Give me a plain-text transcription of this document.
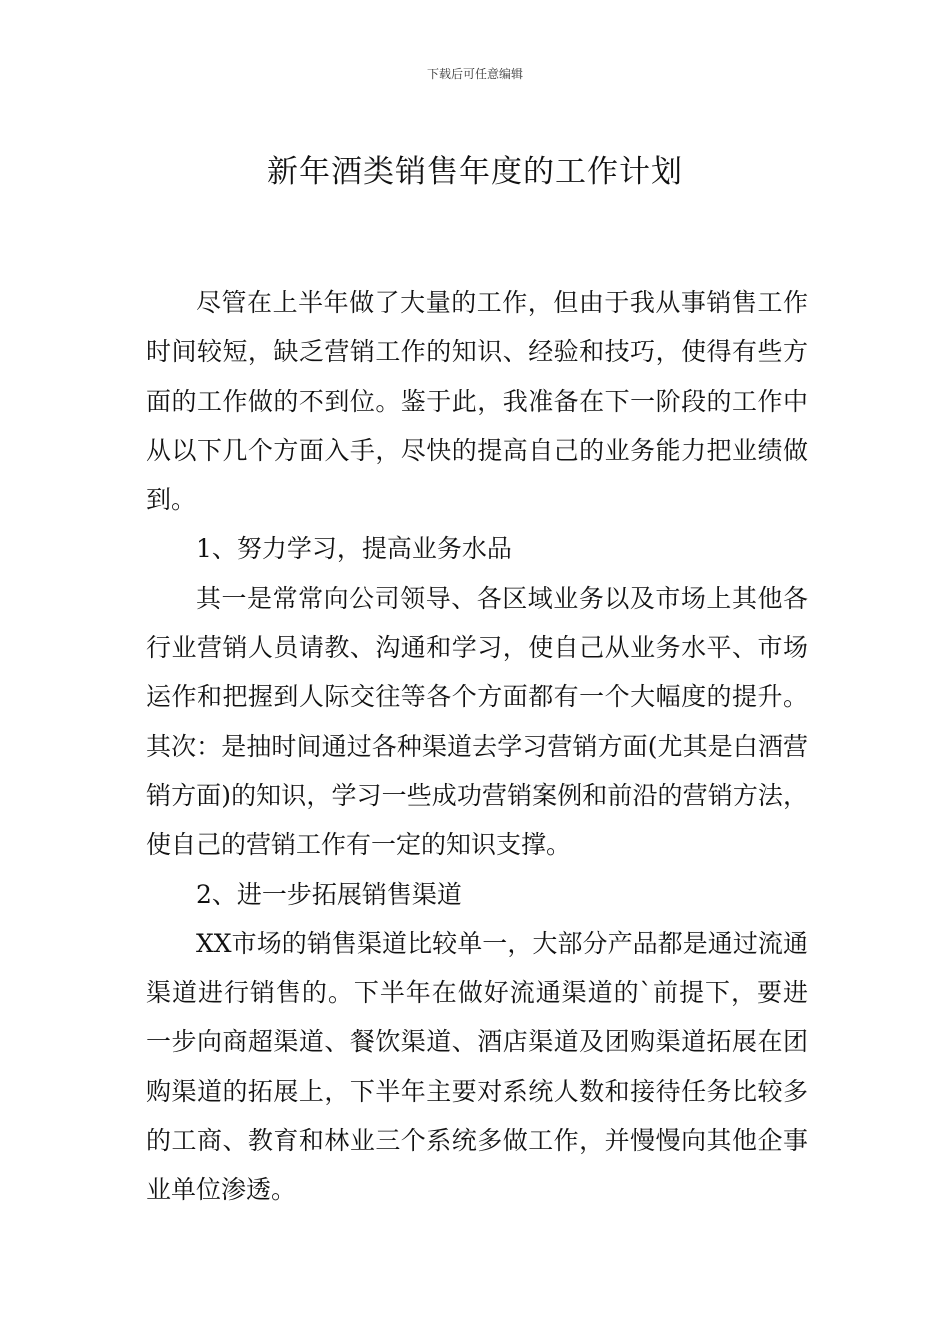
下载后可任意编辑
新年酒类销售年度的工作计划

尽管在上半年做了大量的工作，但由于我从事销售工作时间较短，缺乏营销工作的知识、经验和技巧，使得有些方面的工作做的不到位。鉴于此，我准备在下一阶段的工作中从以下几个方面入手，尽快的提高自己的业务能力把业绩做到。

1、努力学习，提高业务水品

其一是常常向公司领导、各区域业务以及市场上其他各行业营销人员请教、沟通和学习，使自己从业务水平、市场运作和把握到人际交往等各个方面都有一个大幅度的提升。其次：是抽时间通过各种渠道去学习营销方面(尤其是白酒营销方面)的知识，学习一些成功营销案例和前沿的营销方法，使自己的营销工作有一定的知识支撑。

2、进一步拓展销售渠道

XX市场的销售渠道比较单一，大部分产品都是通过流通渠道进行销售的。下半年在做好流通渠道的`前提下，要进一步向商超渠道、餐饮渠道、酒店渠道及团购渠道拓展在团购渠道的拓展上，下半年主要对系统人数和接待任务比较多的工商、教育和林业三个系统多做工作，并慢慢向其他企事业单位渗透。
